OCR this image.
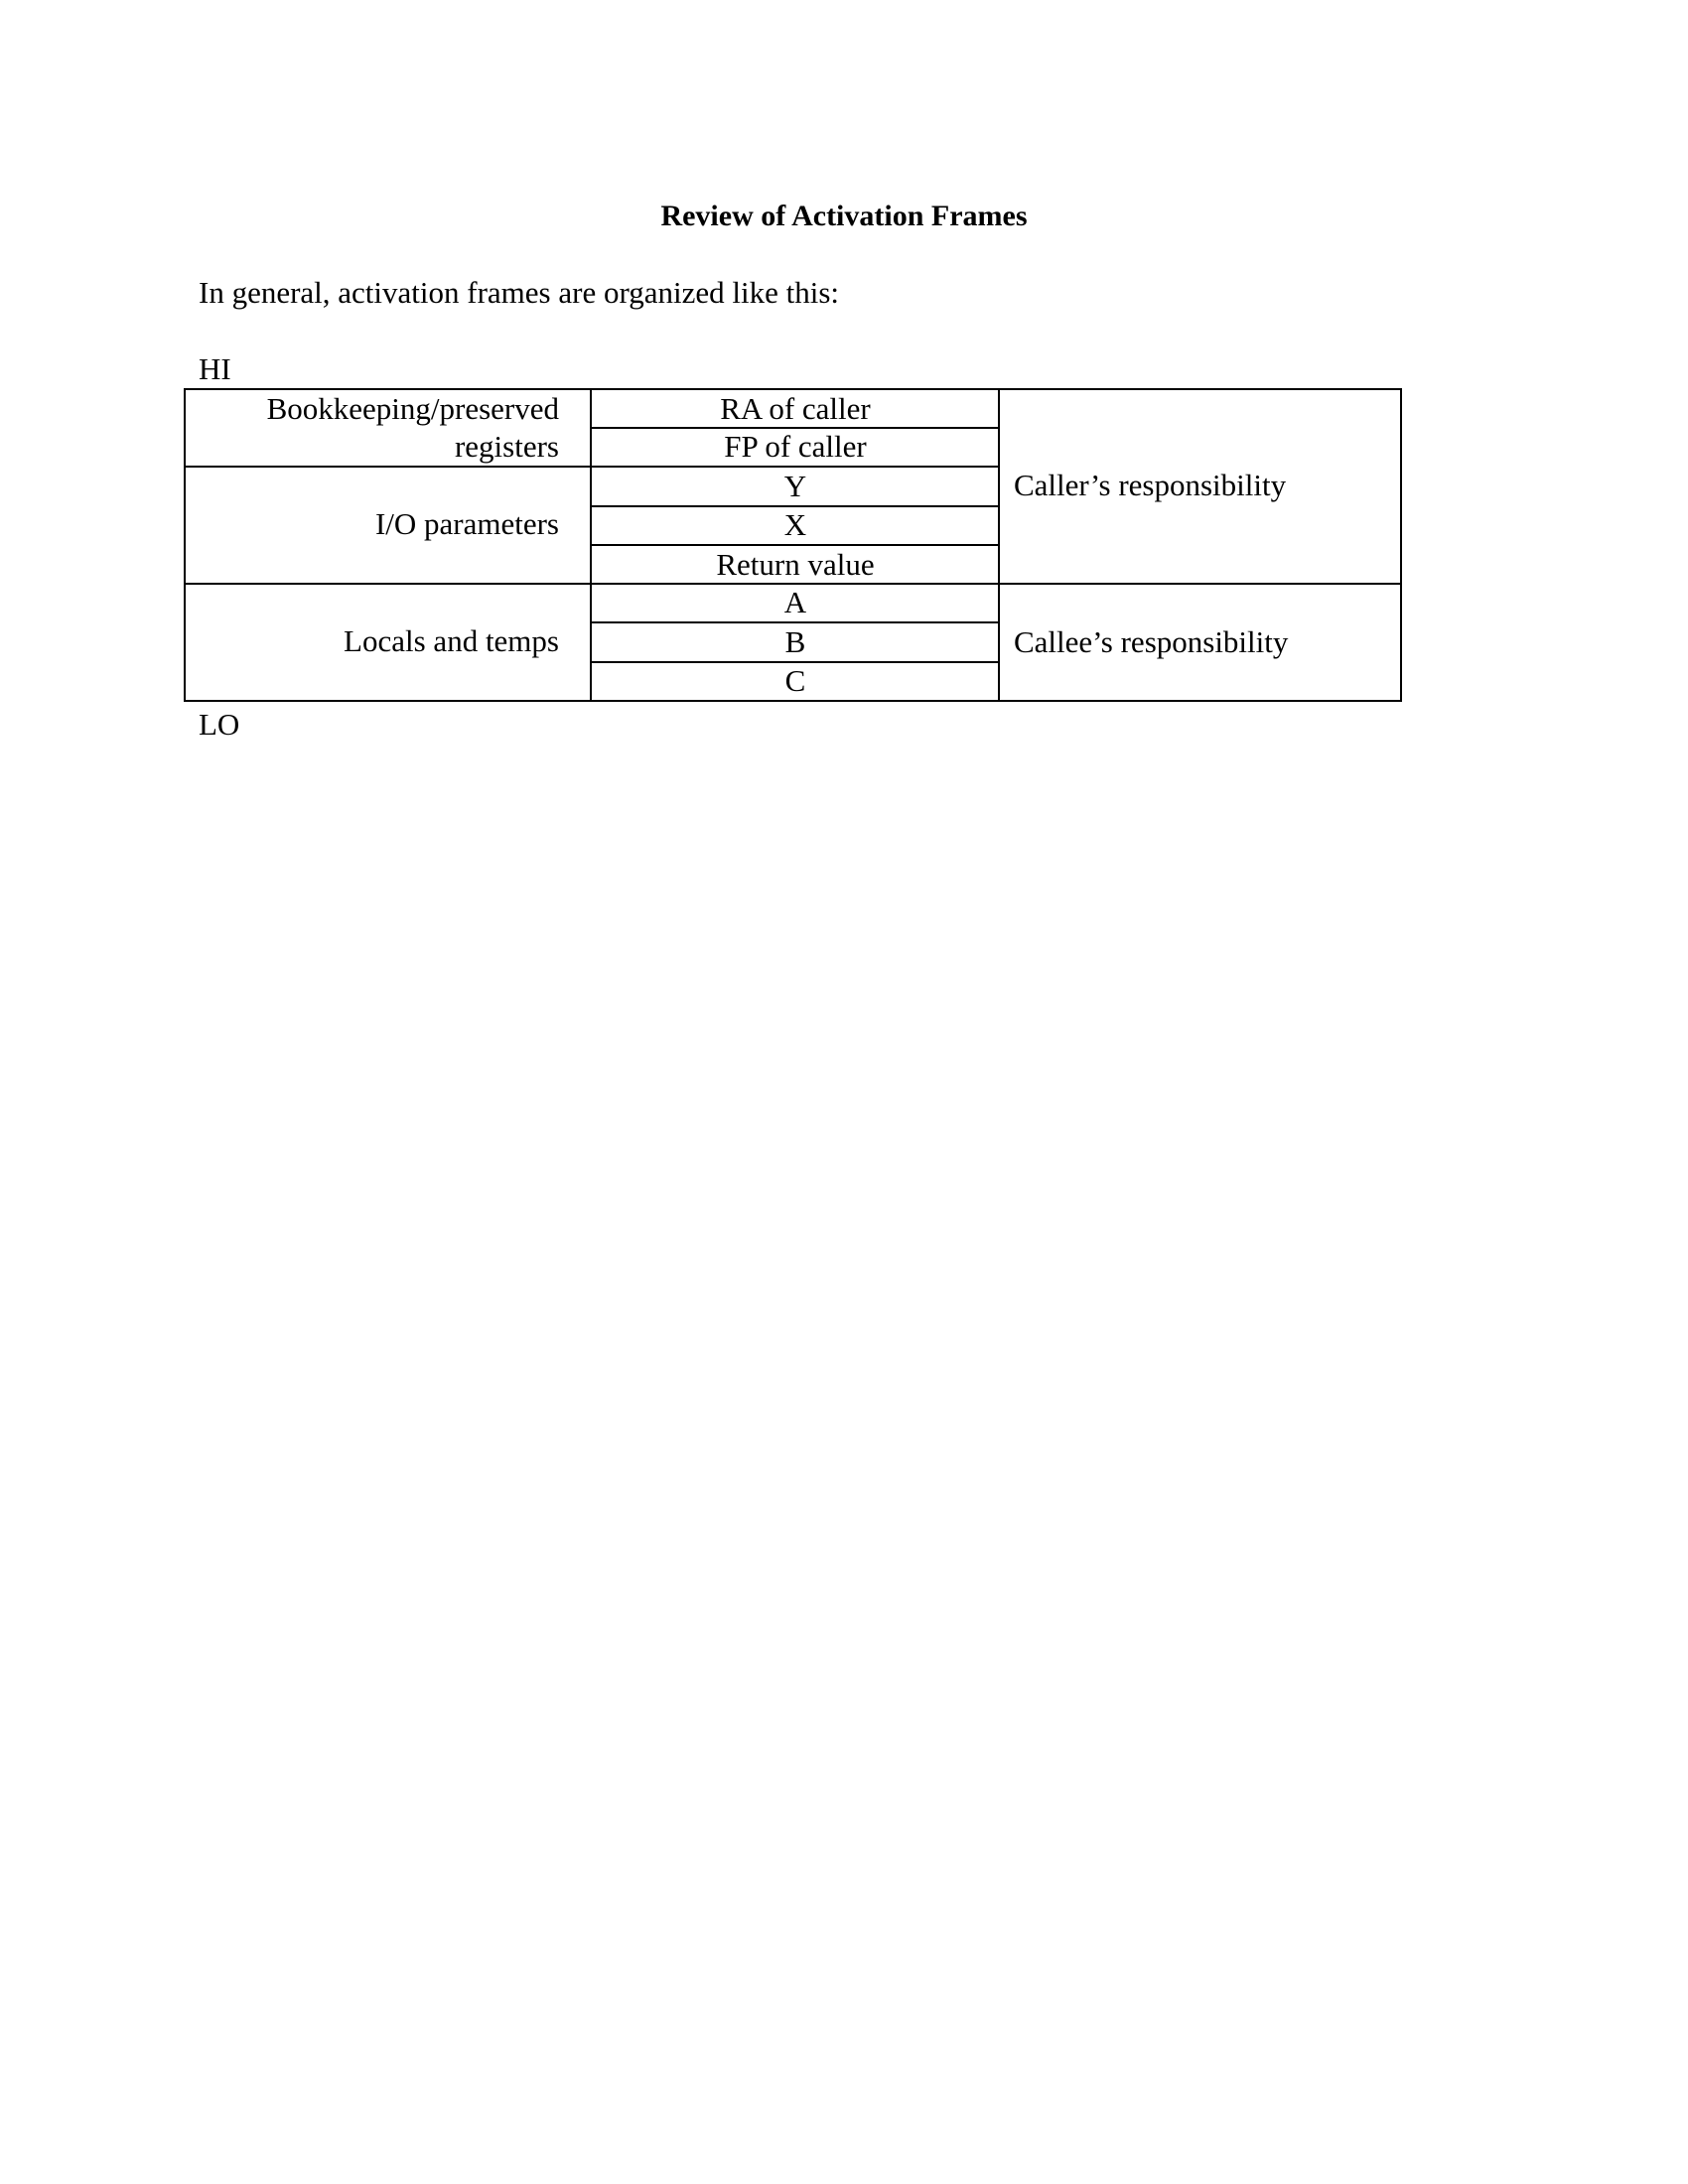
Review of Activation Frames

In general, activation frames are organized like this:

HI
Bookkeeping/preserved
registers
I/O parameters
Locals and temps
RA of caller
FP of caller
Y
X
Return value
A
B
C
Caller’s responsibility
Callee’s responsibility
LO
